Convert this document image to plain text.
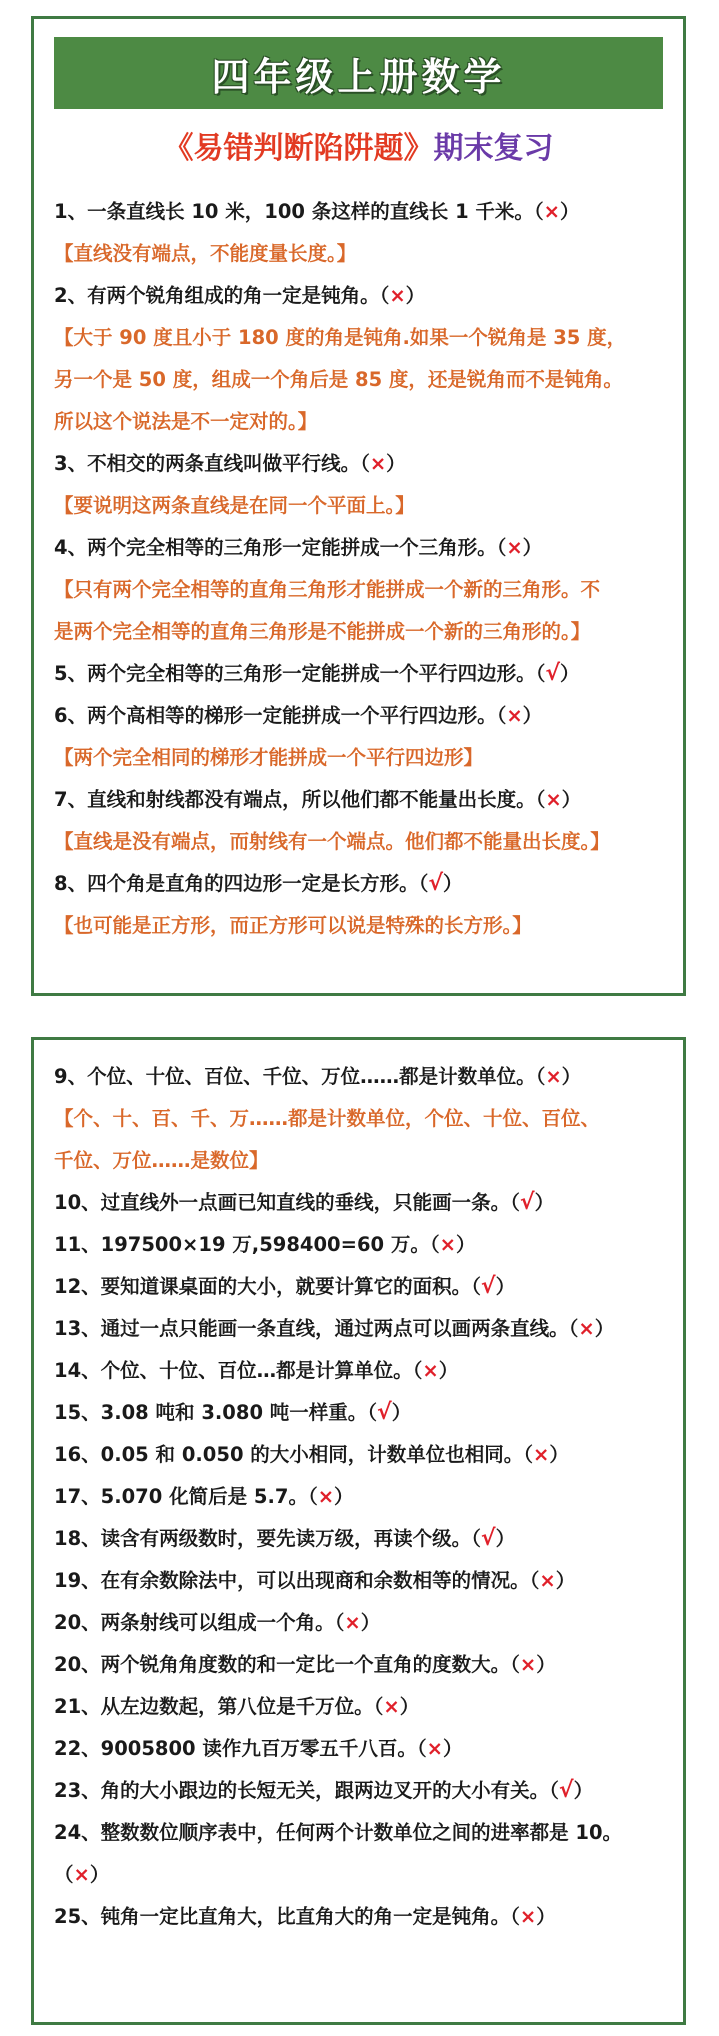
四年级上册数学
《易错判断陷阱题》期末复习
1、一条直线长 10 米，100 条这样的直线长 1 千米。（×）
【直线没有端点，不能度量长度。】
2、有两个锐角组成的角一定是钝角。（×）
【大于 90 度且小于 180 度的角是钝角.如果一个锐角是 35 度，
另一个是 50 度，组成一个角后是 85 度，还是锐角而不是钝角。
所以这个说法是不一定对的。】
3、不相交的两条直线叫做平行线。（×）
【要说明这两条直线是在同一个平面上。】
4、两个完全相等的三角形一定能拼成一个三角形。（×）
【只有两个完全相等的直角三角形才能拼成一个新的三角形。不
是两个完全相等的直角三角形是不能拼成一个新的三角形的。】
5、两个完全相等的三角形一定能拼成一个平行四边形。（√）
6、两个高相等的梯形一定能拼成一个平行四边形。（×）
【两个完全相同的梯形才能拼成一个平行四边形】
7、直线和射线都没有端点，所以他们都不能量出长度。（×）
【直线是没有端点，而射线有一个端点。他们都不能量出长度。】
8、四个角是直角的四边形一定是长方形。（√）
【也可能是正方形，而正方形可以说是特殊的长方形。】
9、个位、十位、百位、千位、万位……都是计数单位。（×）
【个、十、百、千、万……都是计数单位，个位、十位、百位、
千位、万位……是数位】
10、过直线外一点画已知直线的垂线，只能画一条。（√）
11、197500×19 万,598400=60 万。（×）
12、要知道课桌面的大小，就要计算它的面积。（√）
13、通过一点只能画一条直线，通过两点可以画两条直线。（×）
14、个位、十位、百位…都是计算单位。（×）
15、3.08 吨和 3.080 吨一样重。（√）
16、0.05 和 0.050 的大小相同，计数单位也相同。（×）
17、5.070 化简后是 5.7。（×）
18、读含有两级数时，要先读万级，再读个级。（√）
19、在有余数除法中，可以出现商和余数相等的情况。（×）
20、两条射线可以组成一个角。（×）
20、两个锐角角度数的和一定比一个直角的度数大。（×）
21、从左边数起，第八位是千万位。（×）
22、9005800 读作九百万零五千八百。（×）
23、角的大小跟边的长短无关，跟两边叉开的大小有关。（√）
24、整数数位顺序表中，任何两个计数单位之间的进率都是 10。
（×）
25、钝角一定比直角大，比直角大的角一定是钝角。（×）
